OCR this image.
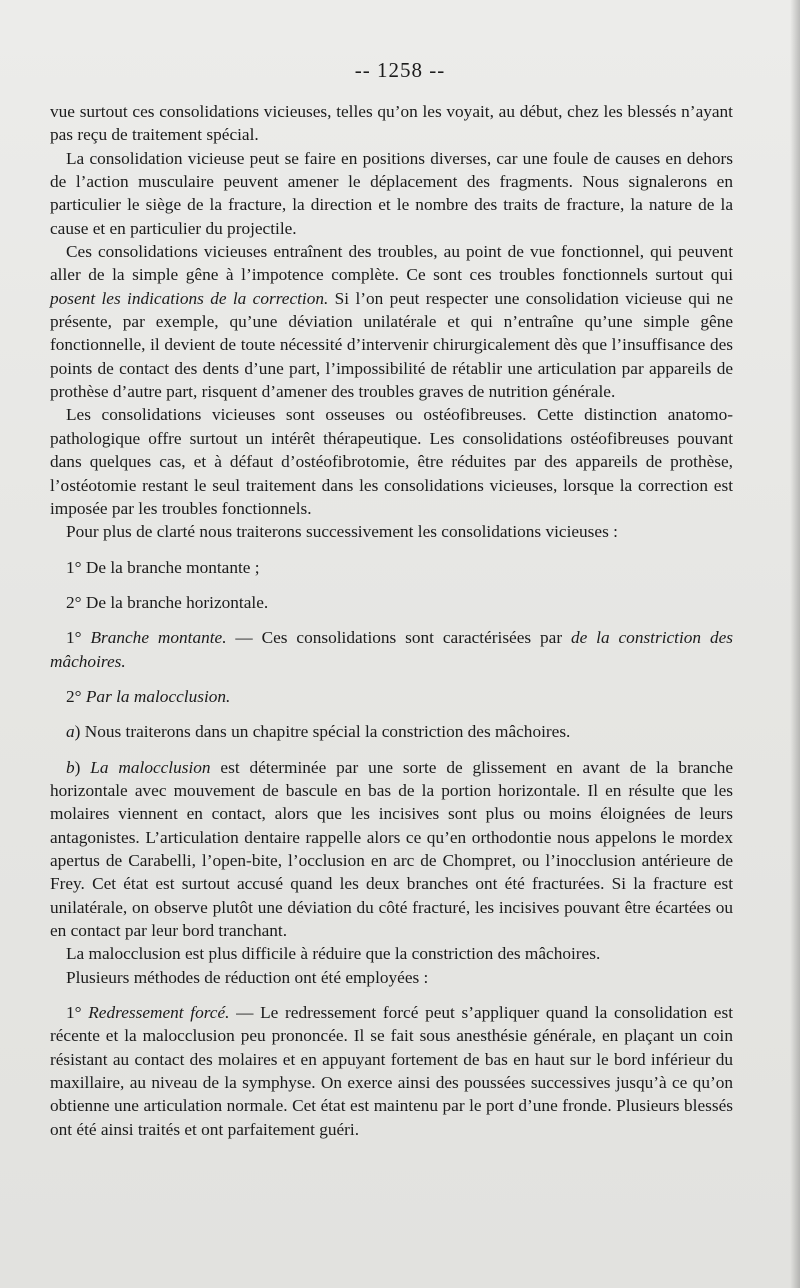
-- 1258 --

vue surtout ces consolidations vicieuses, telles qu’on les voyait, au début, chez les blessés n’ayant pas reçu de traitement spécial.

La consolidation vicieuse peut se faire en positions diverses, car une foule de causes en dehors de l’action musculaire peuvent amener le déplacement des fragments. Nous signalerons en particulier le siège de la fracture, la direction et le nombre des traits de fracture, la nature de la cause et en particulier du projectile.

Ces consolidations vicieuses entraînent des troubles, au point de vue fonctionnel, qui peuvent aller de la simple gêne à l’impotence complète. Ce sont ces troubles fonctionnels surtout qui posent les indications de la correction. Si l’on peut respecter une consolidation vicieuse qui ne présente, par exemple, qu’une déviation unilatérale et qui n’entraîne qu’une simple gêne fonctionnelle, il devient de toute nécessité d’intervenir chirurgicalement dès que l’insuffisance des points de contact des dents d’une part, l’impossibilité de rétablir une articulation par appareils de prothèse d’autre part, risquent d’amener des troubles graves de nutrition générale.

Les consolidations vicieuses sont osseuses ou ostéofibreuses. Cette distinction anatomo-pathologique offre surtout un intérêt thérapeutique. Les consolidations ostéofibreuses pouvant dans quelques cas, et à défaut d’ostéofibrotomie, être réduites par des appareils de prothèse, l’ostéotomie restant le seul traitement dans les consolidations vicieuses, lorsque la correction est imposée par les troubles fonctionnels.

Pour plus de clarté nous traiterons successivement les consolidations vicieuses :

1° De la branche montante ;

2° De la branche horizontale.

1° Branche montante. — Ces consolidations sont caractérisées par de la constriction des mâchoires.

2° Par la malocclusion.

a) Nous traiterons dans un chapitre spécial la constriction des mâchoires.

b) La malocclusion est déterminée par une sorte de glissement en avant de la branche horizontale avec mouvement de bascule en bas de la portion horizontale. Il en résulte que les molaires viennent en contact, alors que les incisives sont plus ou moins éloignées de leurs antagonistes. L’articulation dentaire rappelle alors ce qu’en orthodontie nous appelons le mordex apertus de Carabelli, l’open-bite, l’occlusion en arc de Chompret, ou l’inocclusion antérieure de Frey. Cet état est surtout accusé quand les deux branches ont été fracturées. Si la fracture est unilatérale, on observe plutôt une déviation du côté fracturé, les incisives pouvant être écartées ou en contact par leur bord tranchant.

La malocclusion est plus difficile à réduire que la constriction des mâchoires.

Plusieurs méthodes de réduction ont été employées :

1° Redressement forcé. — Le redressement forcé peut s’appliquer quand la consolidation est récente et la malocclusion peu prononcée. Il se fait sous anesthésie générale, en plaçant un coin résistant au contact des molaires et en appuyant fortement de bas en haut sur le bord inférieur du maxillaire, au niveau de la symphyse. On exerce ainsi des poussées successives jusqu’à ce qu’on obtienne une articulation normale. Cet état est maintenu par le port d’une fronde. Plusieurs blessés ont été ainsi traités et ont parfaitement guéri.
